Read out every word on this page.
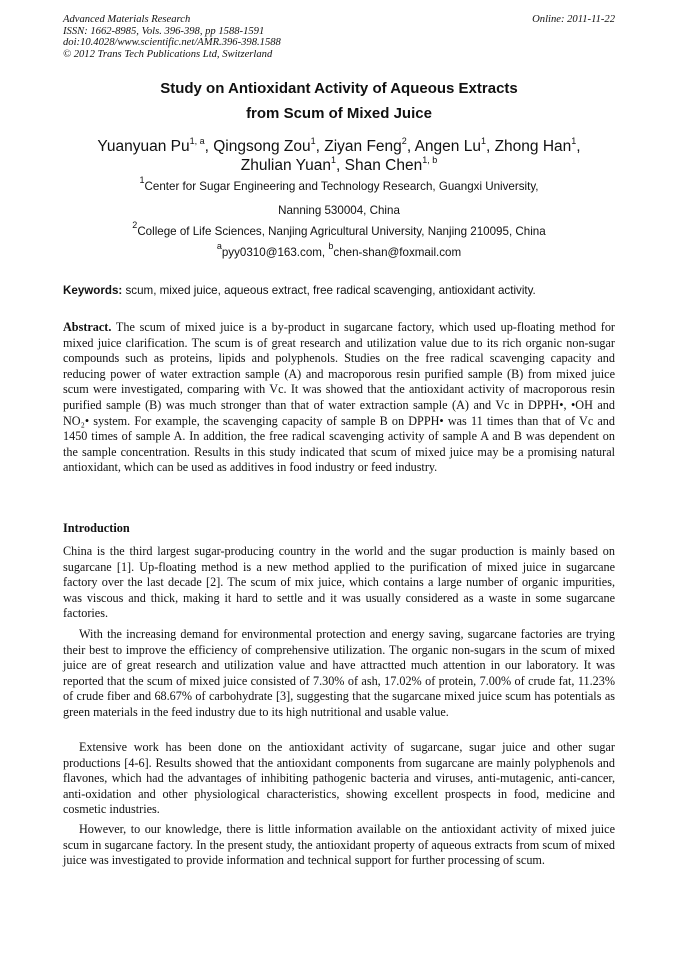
Advanced Materials Research
ISSN: 1662-8985, Vols. 396-398, pp 1588-1591
doi:10.4028/www.scientific.net/AMR.396-398.1588
© 2012 Trans Tech Publications Ltd, Switzerland
Online: 2011-11-22
Study on Antioxidant Activity of Aqueous Extracts
from Scum of Mixed Juice
Yuanyuan Pu$^{1, a}$, Qingsong Zou$^1$, Ziyan Feng$^2$, Angen Lu$^1$, Zhong Han$^1$,
Zhulian Yuan$^1$, Shan Chen$^{1, b}$
$^1$Center for Sugar Engineering and Technology Research, Guangxi University,
Nanning 530004, China
$^2$College of Life Sciences, Nanjing Agricultural University, Nanjing 210095, China
$^a$pyy0310@163.com, $^b$chen-shan@foxmail.com
Keywords: scum, mixed juice, aqueous extract, free radical scavenging, antioxidant activity.
Abstract. The scum of mixed juice is a by-product in sugarcane factory, which used up-floating method for mixed juice clarification. The scum is of great research and utilization value due to its rich organic non-sugar compounds such as proteins, lipids and polyphenols. Studies on the free radical scavenging capacity and reducing power of water extraction sample (A) and macroporous resin purified sample (B) from mixed juice scum were investigated, comparing with Vc. It was showed that the antioxidant activity of macroporous resin purified sample (B) was much stronger than that of water extraction sample (A) and Vc in DPPH•, •OH and NO₂• system. For example, the scavenging capacity of sample B on DPPH• was 11 times than that of Vc and 1450 times of sample A. In addition, the free radical scavenging activity of sample A and B was dependent on the sample concentration. Results in this study indicated that scum of mixed juice may be a promising natural antioxidant, which can be used as additives in food industry or feed industry.
Introduction
China is the third largest sugar-producing country in the world and the sugar production is mainly based on sugarcane [1]. Up-floating method is a new method applied to the purification of mixed juice in sugarcane factory over the last decade [2]. The scum of mix juice, which contains a large number of organic impurities, was viscous and thick, making it hard to settle and it was usually considered as a waste in some sugarcane factories.
With the increasing demand for environmental protection and energy saving, sugarcane factories are trying their best to improve the efficiency of comprehensive utilization. The organic non-sugars in the scum of mixed juice are of great research and utilization value and have attractted much attention in our laboratory. It was reported that the scum of mixed juice consisted of 7.30% of ash, 17.02% of protein, 7.00% of crude fat, 11.23% of crude fiber and 68.67% of carbohydrate [3], suggesting that the sugarcane mixed juice scum has potentials as green materials in the feed industry due to its high nutritional and usable value.
Extensive work has been done on the antioxidant activity of sugarcane, sugar juice and other sugar productions [4-6]. Results showed that the antioxidant components from sugarcane are mainly polyphenols and flavones, which had the advantages of inhibiting pathogenic bacteria and viruses, anti-mutagenic, anti-cancer, anti-oxidation and other physiological characteristics, showing excellent prospects in food, medicine and cosmetic industries.
However, to our knowledge, there is little information available on the antioxidant activity of mixed juice scum in sugarcane factory. In the present study, the antioxidant property of aqueous extracts from scum of mixed juice was investigated to provide information and technical support for further processing of scum.
